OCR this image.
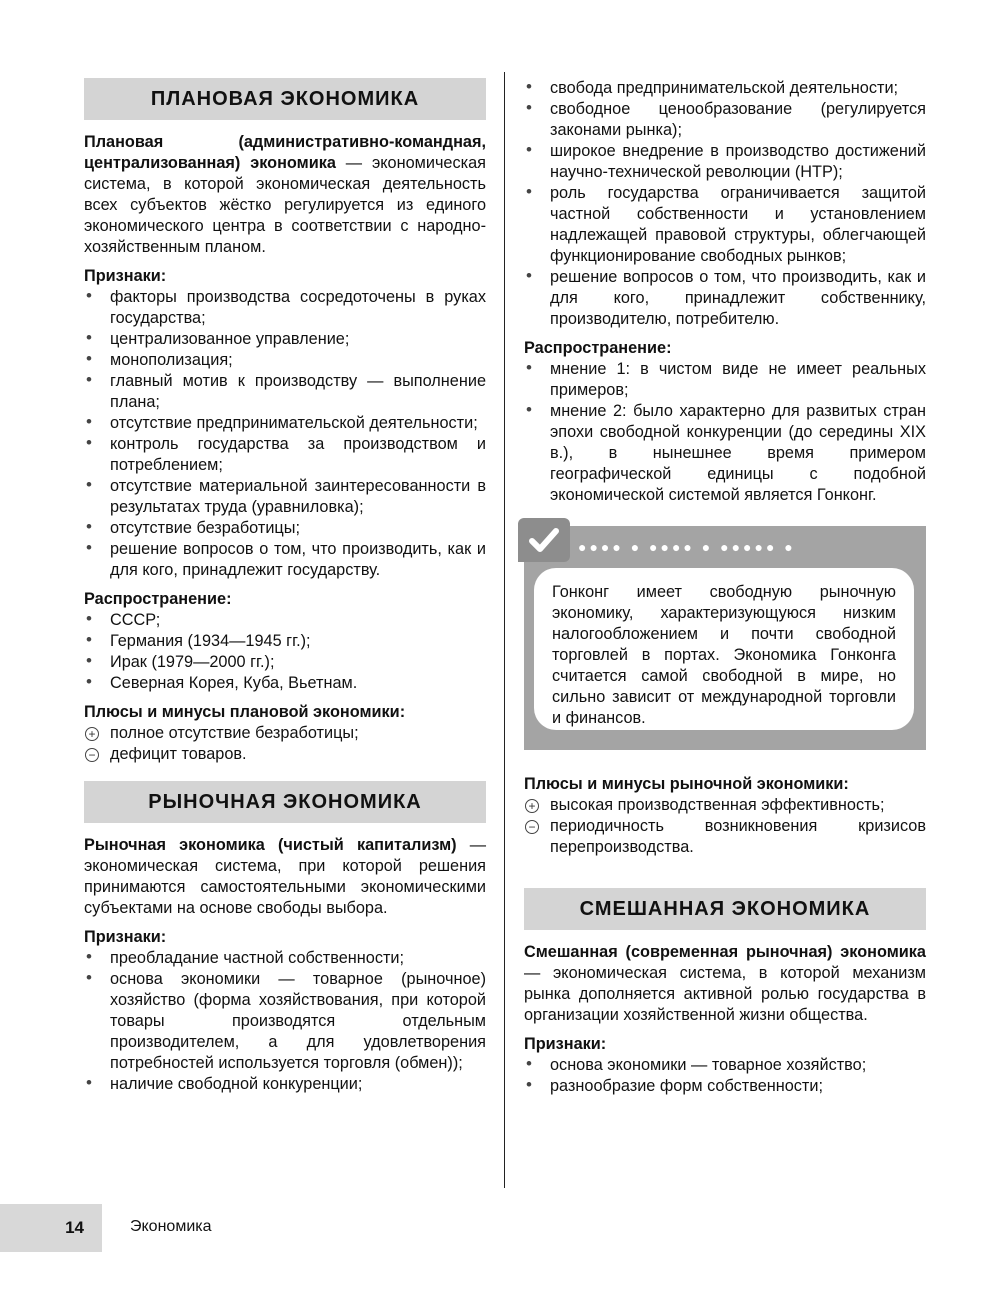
ПЛАНОВАЯ ЭКОНОМИКА

Плановая (административно-командная, централизованная) экономика — экономическая система, в которой экономическая деятельность всех субъектов жёстко регулируется из единого экономического центра в соответствии с народно-хозяйственным планом.

Признаки:
• факторы производства сосредоточены в руках государства;
• централизованное управление;
• монополизация;
• главный мотив к производству — выполнение плана;
• отсутствие предпринимательской деятельности;
• контроль государства за производством и потреблением;
• отсутствие материальной заинтересованности в результатах труда (уравниловка);
• отсутствие безработицы;
• решение вопросов о том, что производить, как и для кого, принадлежит государству.
Распространение:
• СССР;
• Германия (1934—1945 гг.);
• Ирак (1979—2000 гг.);
• Северная Корея, Куба, Вьетнам.
Плюсы и минусы плановой экономики:
+ полное отсутствие безработицы;
− дефицит товаров.
РЫНОЧНАЯ ЭКОНОМИКА

Рыночная экономика (чистый капитализм) — экономическая система, при которой решения принимаются самостоятельными экономическими субъектами на основе свободы выбора.

Признаки:
• преобладание частной собственности;
• основа экономики — товарное (рыночное) хозяйство (форма хозяйствования, при которой товары производятся отдельным производителем, а для удовлетворения потребностей используется торговля (обмен));
• наличие свободной конкуренции;
• свобода предпринимательской деятельности;
• свободное ценообразование (регулируется законами рынка);
• широкое внедрение в производство достижений научно-технической революции (НТР);
• роль государства ограничивается защитой частной собственности и установлением надлежащей правовой структуры, облегчающей функционирование свободных рынков;
• решение вопросов о том, что производить, как и для кого, принадлежит собственнику, производителю, потребителю.
Распространение:
• мнение 1: в чистом виде не имеет реальных примеров;
• мнение 2: было характерно для развитых стран эпохи свободной конкуренции (до середины XIX в.), в нынешнее время примером географической единицы с подобной экономической системой является Гонконг.
●●●● ● ●●●● ● ●●●●● ●
Гонконг имеет свободную рыночную экономику, характеризующуюся низким налогообложением и почти свободной торговлей в портах. Экономика Гонконга считается самой свободной в мире, но сильно зависит от международной торговли и финансов.
Плюсы и минусы рыночной экономики:
+ высокая производственная эффективность;
− периодичность возникновения кризисов перепроизводства.
СМЕШАННАЯ ЭКОНОМИКА

Смешанная (современная рыночная) экономика — экономическая система, в которой механизм рынка дополняется активной ролью государства в организации хозяйственной жизни общества.

Признаки:
• основа экономики — товарное хозяйство;
• разнообразие форм собственности;
14	Экономика
